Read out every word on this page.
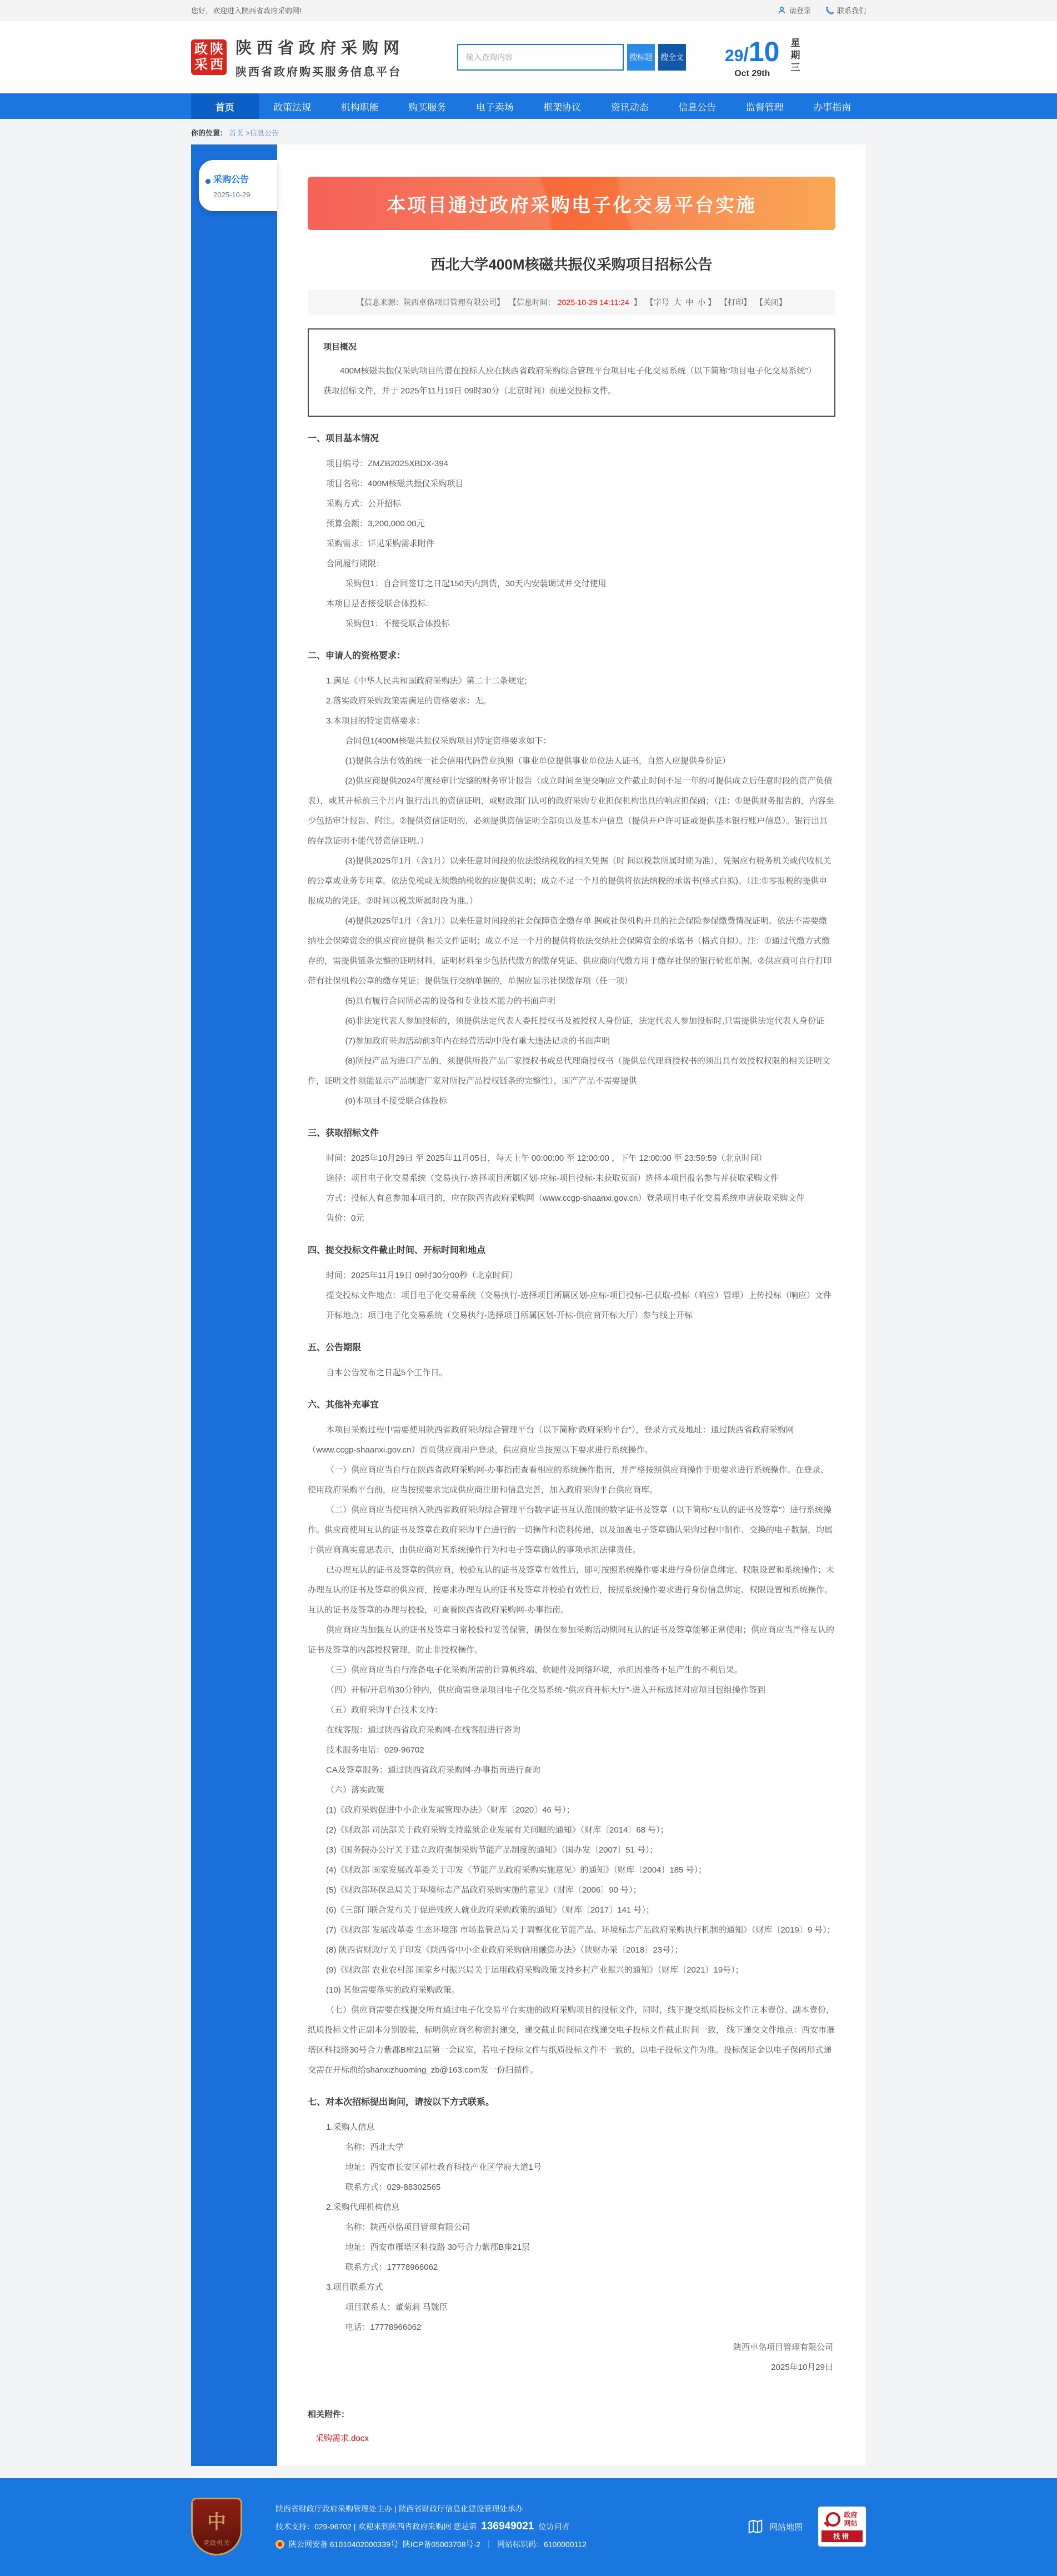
您好，欢迎进入陕西省政府采购网!	请登录	联系我们
政 陕
采 西
陕西省政府采购网
陕西省政府购买服务信息平台
输入查询内容
搜标题 搜全文 29/10
Oct 29th	星期三
首页	政策法规	机构职能	购买服务	电子卖场	框架协议	资讯动态	信息公告	监督管理	办事指南
你的位置： 首页 >信息公告
采购公告
2025-10-29	本项目通过政府采购电子化交易平台实施
西北大学400M核磁共振仪采购项目招标公告
【信息来源：陕西卓佲项目管理有限公司】 【信息时间： 2025-10-29 14:11:24 】 【字号 大 中 小 】 【打印】 【关闭】
项目概况
400M核磁共振仪采购项目的潜在投标人应在陕西省政府采购综合管理平台项目电子化交易系统（以下简称“项目电子化交易系统”）获取招标文件，并于 2025年11月19日 09时30分（北京时间）前递交投标文件。
一、项目基本情况
项目编号：ZMZB2025XBDX-394
项目名称：400M核磁共振仪采购项目
采购方式：公开招标
预算金额：3,200,000.00元
采购需求：详见采购需求附件
合同履行期限：
采购包1：自合同签订之日起150天内到货，30天内安装调试并交付使用
本项目是否接受联合体投标：
采购包1：不接受联合体投标
二、申请人的资格要求：
1.满足《中华人民共和国政府采购法》第二十二条规定;
2.落实政府采购政策需满足的资格要求：无。
3.本项目的特定资格要求：
合同包1(400M核磁共振仪采购项目)特定资格要求如下：
(1)提供合法有效的统一社会信用代码营业执照（事业单位提供事业单位法人证书，自然人应提供身份证）
(2)供应商提供2024年度经审计完整的财务审计报告（成立时间至提交响应文件截止时间不足一年的可提供成立后任意时段的资产负债表），或其开标前三个月内 银行出具的资信证明，或财政部门认可的政府采购专业担保机构出具的响应担保函；（注：①提供财务报告的，内容至少包括审计报告、附注。②提供资信证明的，必须提供资信证明全部页以及基本户信息（提供开户许可证或提供基本银行账户信息）。银行出具的存款证明不能代替资信证明。）
(3)提供2025年1月（含1月）以来任意时间段的依法缴纳税收的相关凭据（时 间以税款所属时期为准），凭据应有税务机关或代收机关的公章或业务专用章。依法免税或无须缴纳税收的应提供说明；成立不足一个月的提供将依法纳税的承诺书(格式自拟)。（注:①零报税的提供申报成功的凭证。②时间以税款所属时段为准。）
(4)提供2025年1月（含1月）以来任意时间段的社会保障资金缴存单 据或社保机构开具的社会保险参保缴费情况证明。依法不需要缴纳社会保障资金的供应商应提供 相关文件证明；成立不足一个月的提供将依法交纳社会保障资金的承诺书（格式自拟）。注：①通过代缴方式缴存的，需提供链条完整的证明材料，证明材料至少包括代缴方的缴存凭证、供应商向代缴方用于缴存社保的银行转账单据。②供应商可自行打印带有社保机构公章的缴存凭证；提供银行交纳单据的，单据应显示社保缴存项（任一项）
(5)具有履行合同所必需的设备和专业技术能力的书面声明
(6)非法定代表人参加投标的，须提供法定代表人委托授权书及被授权人身份证，法定代表人参加投标时,只需提供法定代表人身份证
(7)参加政府采购活动前3年内在经营活动中没有重大违法记录的书面声明
(8)所投产品为进口产品的，须提供所投产品厂家授权书或总代理商授权书（提供总代理商授权书的须出具有效授权权限的相关证明文件，证明文件须能显示产品制造厂家对所投产品授权链条的完整性），国产产品不需要提供
(9)本项目不接受联合体投标
三、获取招标文件
时间：2025年10月29日 至 2025年11月05日，每天上午 00:00:00 至 12:00:00 ，下午 12:00:00 至 23:59:59（北京时间）
途径：项目电子化交易系统（交易执行-选择项目所属区划-应标-项目投标-未获取页面）选择本项目报名参与并获取采购文件
方式：投标人有意参加本项目的，应在陕西省政府采购网（www.ccgp-shaanxi.gov.cn）登录项目电子化交易系统申请获取采购文件
售价：0元
四、提交投标文件截止时间、开标时间和地点
时间：2025年11月19日 09时30分00秒（北京时间）
提交投标文件地点：项目电子化交易系统（交易执行-选择项目所属区划-应标-项目投标-已获取-投标（响应）管理）上传投标（响应）文件
开标地点：项目电子化交易系统（交易执行-选择项目所属区划-开标-供应商开标大厅）参与线上开标
五、公告期限
自本公告发布之日起5个工作日。
六、其他补充事宜
本项目采购过程中需要使用陕西省政府采购综合管理平台（以下简称“政府采购平台”），登录方式及地址：通过陕西省政府采购网（www.ccgp-shaanxi.gov.cn）首页供应商用户登录，供应商应当按照以下要求进行系统操作。
（一）供应商应当自行在陕西省政府采购网-办事指南查看相应的系统操作指南，并严格按照供应商操作手册要求进行系统操作。在登录、使用政府采购平台前，应当按照要求完成供应商注册和信息完善，加入政府采购平台供应商库。
（二）供应商应当使用纳入陕西省政府采购综合管理平台数字证书互认范围的数字证书及签章（以下简称“互认的证书及签章”）进行系统操作。供应商使用互认的证书及签章在政府采购平台进行的一切操作和资料传递，以及加盖电子签章确认采购过程中制作、交换的电子数据，均属于供应商真实意思表示，由供应商对其系统操作行为和电子签章确认的事项承担法律责任。
已办理互认的证书及签章的供应商，校验互认的证书及签章有效性后，即可按照系统操作要求进行身份信息绑定、权限设置和系统操作；未办理互认的证书及签章的供应商，按要求办理互认的证书及签章并校验有效性后，按照系统操作要求进行身份信息绑定、权限设置和系统操作。互认的证书及签章的办理与校验，可查看陕西省政府采购网-办事指南。
供应商应当加强互认的证书及签章日常校验和妥善保管，确保在参加采购活动期间互认的证书及签章能够正常使用；供应商应当严格互认的证书及签章的内部授权管理，防止非授权操作。
（三）供应商应当自行准备电子化采购所需的计算机终端、软硬件及网络环境，承担因准备不足产生的不利后果。
（四）开标/开启前30分钟内，供应商需登录项目电子化交易系统-“供应商开标大厅”-进入开标选择对应项目包组操作签到
（五）政府采购平台技术支持：
在线客服：通过陕西省政府采购网-在线客服进行咨询
技术服务电话：029-96702
CA及签章服务：通过陕西省政府采购网-办事指南进行查询
（六）落实政策
(1)《政府采购促进中小企业发展管理办法》（财库〔2020〕46 号）；
(2)《财政部 司法部关于政府采购支持监狱企业发展有关问题的通知》（财库〔2014〕68 号）；
(3)《国务院办公厅关于建立政府强制采购节能产品制度的通知》（国办发〔2007〕51 号）；
(4)《财政部 国家发展改革委关于印发〈节能产品政府采购实施意见〉的通知》（财库〔2004〕185 号）；
(5)《财政部环保总局关于环境标志产品政府采购实施的意见》（财库〔2006〕90 号）；
(6)《三部门联合发布关于促进残疾人就业政府采购政策的通知》（财库〔2017〕141 号）；
(7)《财政部 发展改革委 生态环境部 市场监管总局关于调整优化节能产品、环境标志产品政府采购执行机制的通知》（财库〔2019〕9 号）；
(8) 陕西省财政厅关于印发《陕西省中小企业政府采购信用融资办法》（陕财办采〔2018〕23号）；
(9)《财政部 农业农村部 国家乡村振兴局关于运用政府采购政策支持乡村产业振兴的通知》（财库〔2021〕19号）；
(10) 其他需要落实的政府采购政策。
（七）供应商需要在线提交所有通过电子化交易平台实施的政府采购项目的投标文件，同时，线下提交纸质投标文件正本壹份、副本壹份，纸质投标文件正副本分别胶装，标明供应商名称密封递交，递交截止时间同在线递交电子投标文件截止时间一致， 线下递交文件地点：西安市雁塔区科技路30号合力紫郡B座21层第一会议室，若电子投标文件与纸质投标文件不一致的，以电子投标文件为准。投标保证金以电子保函形式递交需在开标前给shanxizhuoming_zb@163.com发一份扫描件。
七、对本次招标提出询问，请按以下方式联系。
1.采购人信息
名称：西北大学
地址：西安市长安区郭杜教育科技产业区学府大道1号
联系方式：029-88302565
2.采购代理机构信息
名称：陕西卓佲项目管理有限公司
地址：西安市雁塔区科技路 30号合力紫郡B座21层
联系方式：17778966062
3.项目联系方式
项目联系人：董菊莉 马魏臣
电话：17778966062
陕西卓佲项目管理有限公司
2025年10月29日
相关附件：
采购需求.docx
中
党政机关
陕西省财政厅政府采购管理处主办 | 陕西省财政厅信息化建设管理处承办
技术支持：029-96702 | 欢迎来到陕西省政府采购网 您是第 136949021 位访问者
陕公网安备 61010402000339号 陕ICP备05003708号-2 ｜ 网站标识码：6100000112
网站地图
政府网站
找错
